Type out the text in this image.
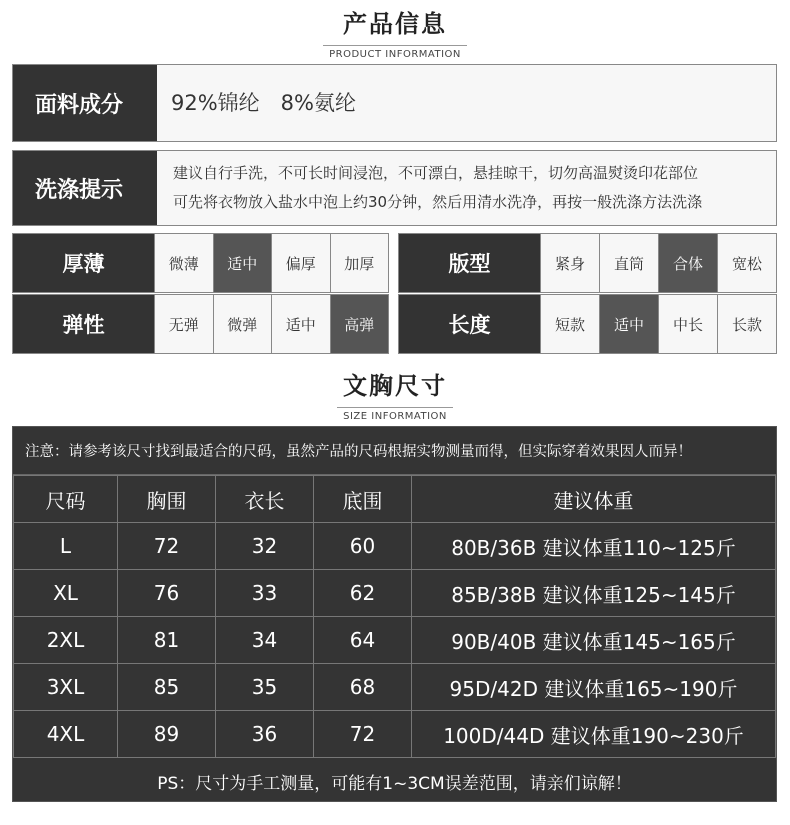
产品信息
PRODUCT INFORMATION
面料成分	92%锦纶　8%氨纶
洗涤提示
建议自行手洗，不可长时间浸泡，不可漂白，悬挂晾干，切勿高温熨烫印花部位
可先将衣物放入盐水中泡上约30分钟，然后用清水洗净，再按一般洗涤方法洗涤
厚薄	微薄	适中	偏厚	加厚	版型	紧身	直筒	合体	宽松
弹性	无弹	微弹	适中	高弹	长度	短款	适中	中长	长款
文胸尺寸
SIZE INFORMATION
注意：请参考该尺寸找到最适合的尺码，虽然产品的尺码根据实物测量而得，但实际穿着效果因人而异！
尺码	胸围	衣长	底围	建议体重
L	72	32	60	80B/36B 建议体重110~125斤
XL	76	33	62	85B/38B 建议体重125~145斤
2XL	81	34	64	90B/40B 建议体重145~165斤
3XL	85	35	68	95D/42D 建议体重165~190斤
4XL	89	36	72	100D/44D 建议体重190~230斤
PS：尺寸为手工测量，可能有1~3CM误差范围，请亲们谅解！
